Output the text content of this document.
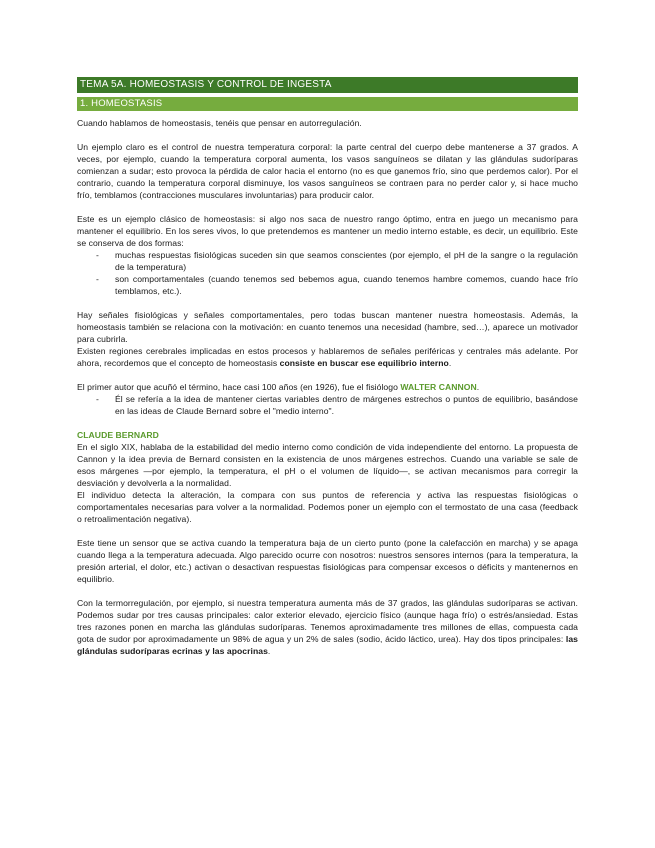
TEMA 5A. HOMEOSTASIS Y CONTROL DE INGESTA
1. HOMEOSTASIS

Cuando hablamos de homeostasis, tenéis que pensar en autorregulación.

Un ejemplo claro es el control de nuestra temperatura corporal: la parte central del cuerpo debe mantenerse a 37 grados. A veces, por ejemplo, cuando la temperatura corporal aumenta, los vasos sanguíneos se dilatan y las glándulas sudoríparas comienzan a sudar; esto provoca la pérdida de calor hacia el entorno (no es que ganemos frío, sino que perdemos calor). Por el contrario, cuando la temperatura corporal disminuye, los vasos sanguíneos se contraen para no perder calor y, si hace mucho frío, temblamos (contracciones musculares involuntarias) para producir calor.

Este es un ejemplo clásico de homeostasis: si algo nos saca de nuestro rango óptimo, entra en juego un mecanismo para mantener el equilibrio. En los seres vivos, lo que pretendemos es mantener un medio interno estable, es decir, un equilibrio. Este se conserva de dos formas:

- muchas respuestas fisiológicas suceden sin que seamos conscientes (por ejemplo, el pH de la sangre o la regulación de la temperatura)
- son comportamentales (cuando tenemos sed bebemos agua, cuando tenemos hambre comemos, cuando hace frío temblamos, etc.).

Hay señales fisiológicas y señales comportamentales, pero todas buscan mantener nuestra homeostasis. Además, la homeostasis también se relaciona con la motivación: en cuanto tenemos una necesidad (hambre, sed…), aparece un motivador para cubrirla.

Existen regiones cerebrales implicadas en estos procesos y hablaremos de señales periféricas y centrales más adelante. Por ahora, recordemos que el concepto de homeostasis consiste en buscar ese equilibrio interno.

El primer autor que acuñó el término, hace casi 100 años (en 1926), fue el fisiólogo WALTER CANNON.

- Él se refería a la idea de mantener ciertas variables dentro de márgenes estrechos o puntos de equilibrio, basándose en las ideas de Claude Bernard sobre el "medio interno".

CLAUDE BERNARD

En el siglo XIX, hablaba de la estabilidad del medio interno como condición de vida independiente del entorno. La propuesta de Cannon y la idea previa de Bernard consisten en la existencia de unos márgenes estrechos. Cuando una variable se sale de esos márgenes —por ejemplo, la temperatura, el pH o el volumen de líquido—, se activan mecanismos para corregir la desviación y devolverla a la normalidad.

El individuo detecta la alteración, la compara con sus puntos de referencia y activa las respuestas fisiológicas o comportamentales necesarias para volver a la normalidad. Podemos poner un ejemplo con el termostato de una casa (feedback o retroalimentación negativa).

Este tiene un sensor que se activa cuando la temperatura baja de un cierto punto (pone la calefacción en marcha) y se apaga cuando llega a la temperatura adecuada. Algo parecido ocurre con nosotros: nuestros sensores internos (para la temperatura, la presión arterial, el dolor, etc.) activan o desactivan respuestas fisiológicas para compensar excesos o déficits y mantenernos en equilibrio.

Con la termorregulación, por ejemplo, si nuestra temperatura aumenta más de 37 grados, las glándulas sudoríparas se activan. Podemos sudar por tres causas principales: calor exterior elevado, ejercicio físico (aunque haga frío) o estrés/ansiedad. Estas tres razones ponen en marcha las glándulas sudoríparas. Tenemos aproximadamente tres millones de ellas, compuesta cada gota de sudor por aproximadamente un 98% de agua y un 2% de sales (sodio, ácido láctico, urea). Hay dos tipos principales: las glándulas sudoríparas ecrinas y las apocrinas.
